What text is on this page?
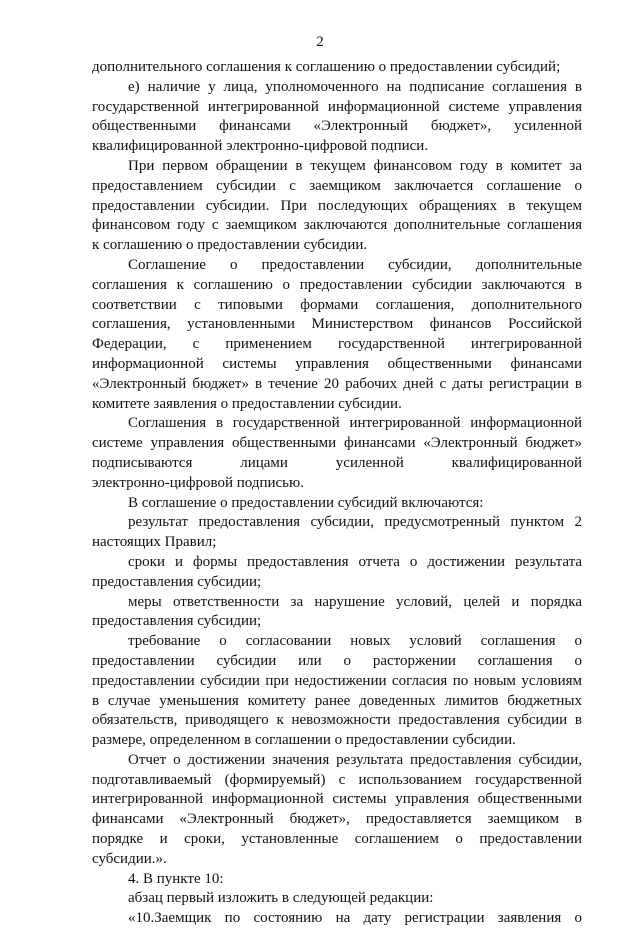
2
дополнительного соглашения к соглашению о предоставлении субсидий;
е) наличие у лица, уполномоченного на подписание соглашения в
государственной интегрированной информационной системе управления
общественными финансами «Электронный бюджет», усиленной
квалифицированной электронно-цифровой подписи.
При первом обращении в текущем финансовом году в комитет за
предоставлением субсидии с заемщиком заключается соглашение о
предоставлении субсидии. При последующих обращениях в текущем
финансовом году с заемщиком заключаются дополнительные соглашения
к соглашению о предоставлении субсидии.
Соглашение о предоставлении субсидии, дополнительные
соглашения к соглашению о предоставлении субсидии заключаются в
соответствии с типовыми формами соглашения, дополнительного
соглашения, установленными Министерством финансов Российской
Федерации, с применением государственной интегрированной
информационной системы управления общественными финансами
«Электронный бюджет» в течение 20 рабочих дней с даты регистрации в
комитете заявления о предоставлении субсидии.
Соглашения в государственной интегрированной информационной
системе управления общественными финансами «Электронный бюджет»
подписываются лицами усиленной квалифицированной
электронно-цифровой подписью.
В соглашение о предоставлении субсидий включаются:
результат предоставления субсидии, предусмотренный пунктом 2
настоящих Правил;
сроки и формы предоставления отчета о достижении результата
предоставления субсидии;
меры ответственности за нарушение условий, целей и порядка
предоставления субсидии;
требование о согласовании новых условий соглашения о
предоставлении субсидии или о расторжении соглашения о
предоставлении субсидии при недостижении согласия по новым условиям
в случае уменьшения комитету ранее доведенных лимитов бюджетных
обязательств, приводящего к невозможности предоставления субсидии в
размере, определенном в соглашении о предоставлении субсидии.
Отчет о достижении значения результата предоставления субсидии,
подготавливаемый (формируемый) с использованием государственной
интегрированной информационной системы управления общественными
финансами «Электронный бюджет», предоставляется заемщиком в
порядке и сроки, установленные соглашением о предоставлении
субсидии.».
4. В пункте 10:
абзац первый изложить в следующей редакции:
«10.Заемщик по состоянию на дату регистрации заявления о
